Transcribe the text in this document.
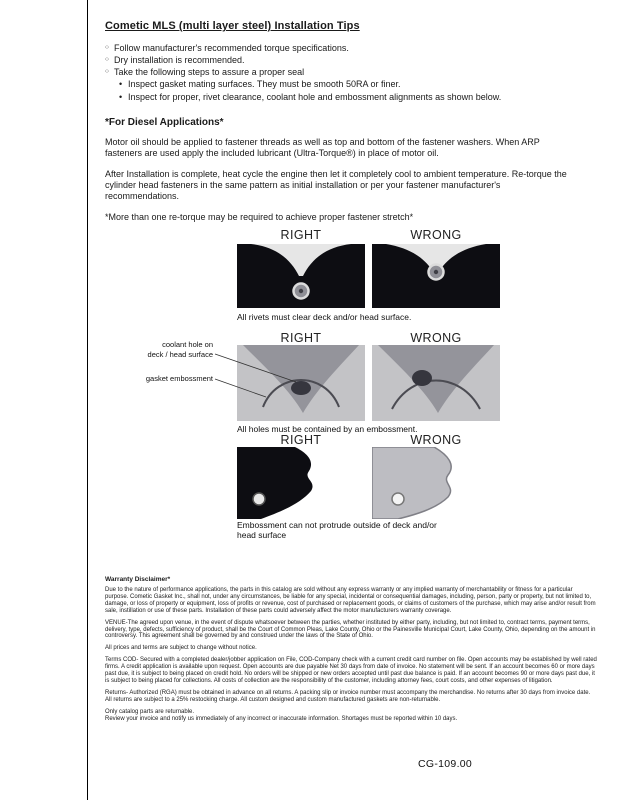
Cometic MLS (multi layer steel) Installation Tips
○ Follow manufacturer's recommended torque specifications.
○ Dry installation is recommended.
○ Take the following steps to assure a proper seal
• Inspect gasket mating surfaces. They must be smooth 50RA or finer.
• Inspect for proper, rivet clearance, coolant hole and embossment alignments as shown below.
*For Diesel Applications*
Motor oil should be applied to fastener threads as well as top and bottom of the fastener washers. When ARP fasteners are used apply the included lubricant (Ultra-Torque®) in place of motor oil.
After Installation is complete, heat cycle the engine then let it completely cool to ambient temperature. Re-torque the cylinder head fasteners in the same pattern as initial installation or per your fastener manufacturer's recommendations.
*More than one re-torque may be required to achieve proper fastener stretch*
RIGHT	WRONG
All rivets must clear deck and/or head surface.
RIGHT	WRONG
coolant hole on
deck / head surface
gasket embossment
All holes must be contained by an embossment.
RIGHT	WRONG
Embossment can not protrude outside of deck and/or head surface
Warranty Disclaimer*
Due to the nature of performance applications, the parts in this catalog are sold without any express warranty or any implied warranty of merchantability or fitness for a particular purpose. Cometic Gasket Inc., shall not, under any circumstances, be liable for any special, incidental or consequential damages, including, person, party or property, but not limited to, damage, or loss of property or equipment, loss of profits or revenue, cost of purchased or replacement goods, or claims of customers of the purchase, which may arise and/or result from sale, instillation or use of these parts. Installation of these parts could adversely affect the motor manufacturers warranty coverage.
VENUE-The agreed upon venue, in the event of dispute whatsoever between the parties, whether instituted by either party, including, but not limited to, contract terms, payment terms, delivery, type, defects, sufficiency of product, shall be the Court of Common Pleas, Lake County, Ohio or the Painesville Municipal Court, Lake County, Ohio, depending on the amount in controversy. This agreement shall be governed by and construed under the laws of the State of Ohio.
All prices and terms are subject to change without notice.
Terms COD- Secured with a completed dealer/jobber application on File, COD-Company check with a current credit card number on file. Open accounts may be established by well rated firms. A credit application is available upon request. Open accounts are due payable Net 30 days from date of invoice. No statement will be sent. If an account becomes 60 or more days past due, it is subject to being placed on credit hold. No orders will be shipped or new orders accepted until past due balance is paid. If an account becomes 90 or more days past due, it is subject to being placed for collections. All costs of collection are the responsibility of the customer, including attorney fees, court costs, and other expenses of litigation.
Returns- Authorized (RGA) must be obtained in advance on all returns. A packing slip or invoice number must accompany the merchandise. No returns after 30 days from invoice date. All returns are subject to a 25% restocking charge. All custom designed and custom manufactured gaskets are non-returnable.
Only catalog parts are returnable.
Review your invoice and notify us immediately of any incorrect or inaccurate information. Shortages must be reported within 10 days.
CG-109.00
